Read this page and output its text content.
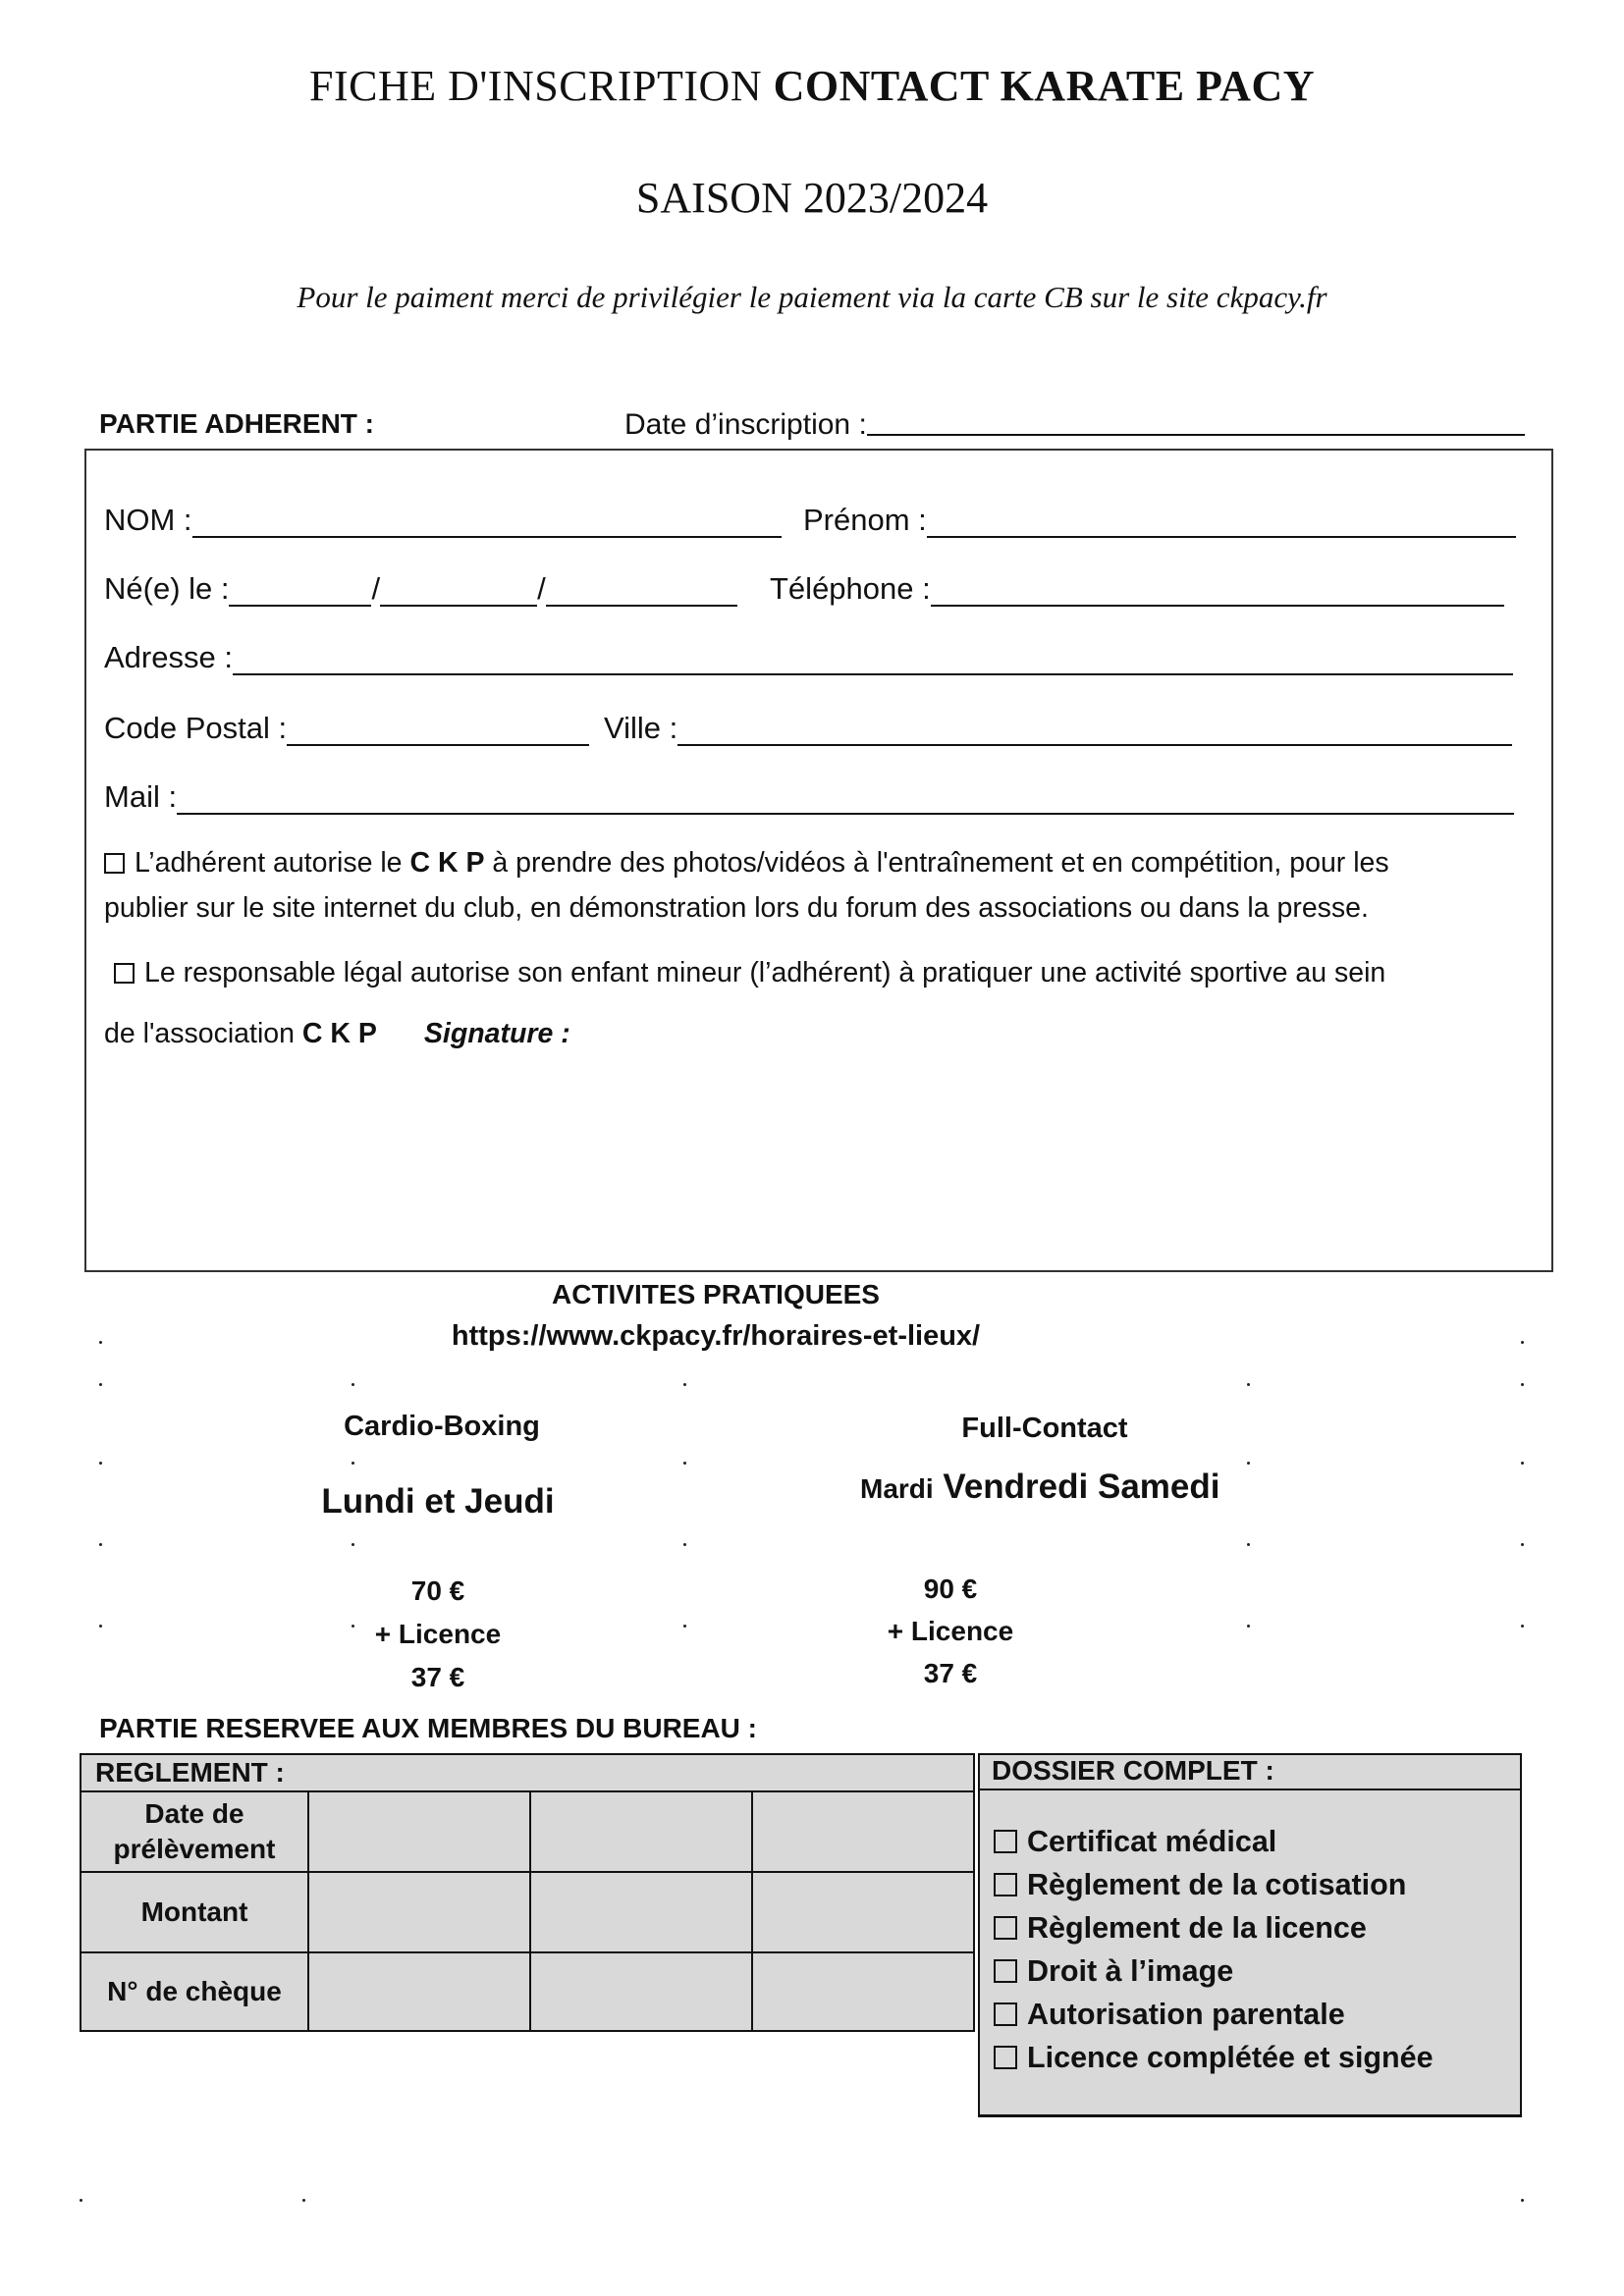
FICHE D'INSCRIPTION CONTACT KARATE PACY
SAISON 2023/2024
Pour le paiment merci de privilégier le paiement via la carte CB sur le site ckpacy.fr
PARTIE ADHERENT :	Date d’inscription :
NOM :	Prénom :
Né(e) le :	/	/	Téléphone :
Adresse :
Code Postal :	Ville :
Mail :
L’adhérent autorise le C K P à prendre des photos/vidéos à l'entraînement et en compétition, pour les
publier sur le site internet du club, en démonstration lors du forum des associations ou dans la presse.
Le responsable légal autorise son enfant mineur (l’adhérent) à pratiquer une activité sportive au sein
de l'association C K P Signature :
ACTIVITES PRATIQUEES
https://www.ckpacy.fr/horaires-et-lieux/
Cardio-Boxing
Lundi et Jeudi
70 €
+ Licence
37 €
Full-Contact
Mardi Vendredi Samedi
90 €
+ Licence
37 €
PARTIE RESERVEE AUX MEMBRES DU BUREAU :
REGLEMENT :			
Date de prélèvement			
Montant			
N° de chèque			
DOSSIER COMPLET :
Certificat médical
Règlement de la cotisation
Règlement de la licence
Droit à l’image
Autorisation parentale
Licence complétée et signée
